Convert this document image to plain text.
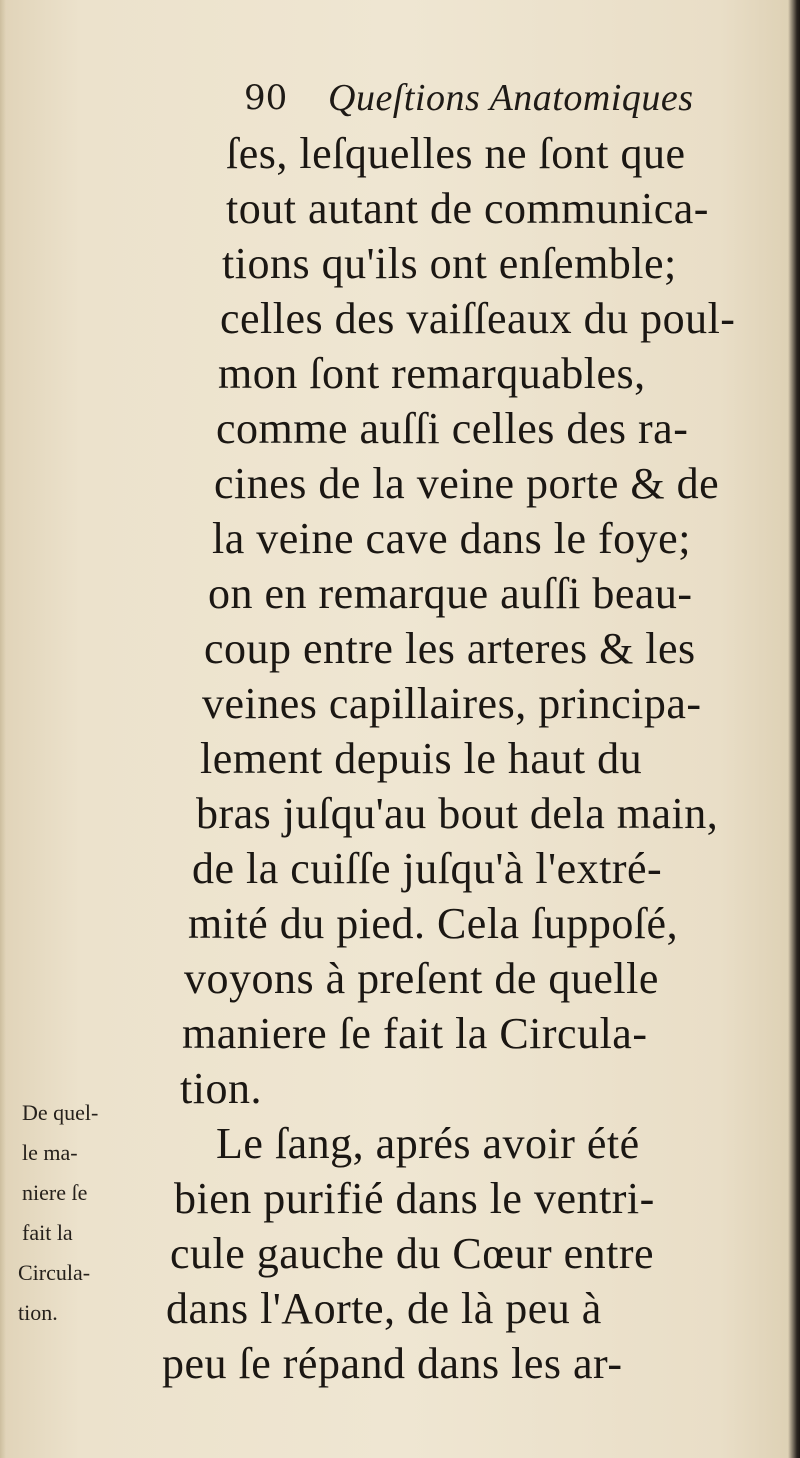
90 Queſtions Anatomiques
ſes, leſquelles ne ſont que
tout autant de communica-
tions qu'ils ont enſemble;
celles des vaiſſeaux du poul-
mon ſont remarquables,
comme auſſi celles des ra-
cines de la veine porte & de
la veine cave dans le foye;
on en remarque auſſi beau-
coup entre les arteres & les
veines capillaires, principa-
lement depuis le haut du
bras juſqu'au bout dela main,
de la cuiſſe juſqu'à l'extré-
mité du pied. Cela ſuppoſé,
voyons à preſent de quelle
maniere ſe fait la Circula-
tion.
Le ſang, aprés avoir été
bien purifié dans le ventri-
cule gauche du Cœur entre
dans l'Aorte, de là peu à
peu ſe répand dans les ar-
De quel-
le ma-
niere ſe
fait la
Circula-
tion.
